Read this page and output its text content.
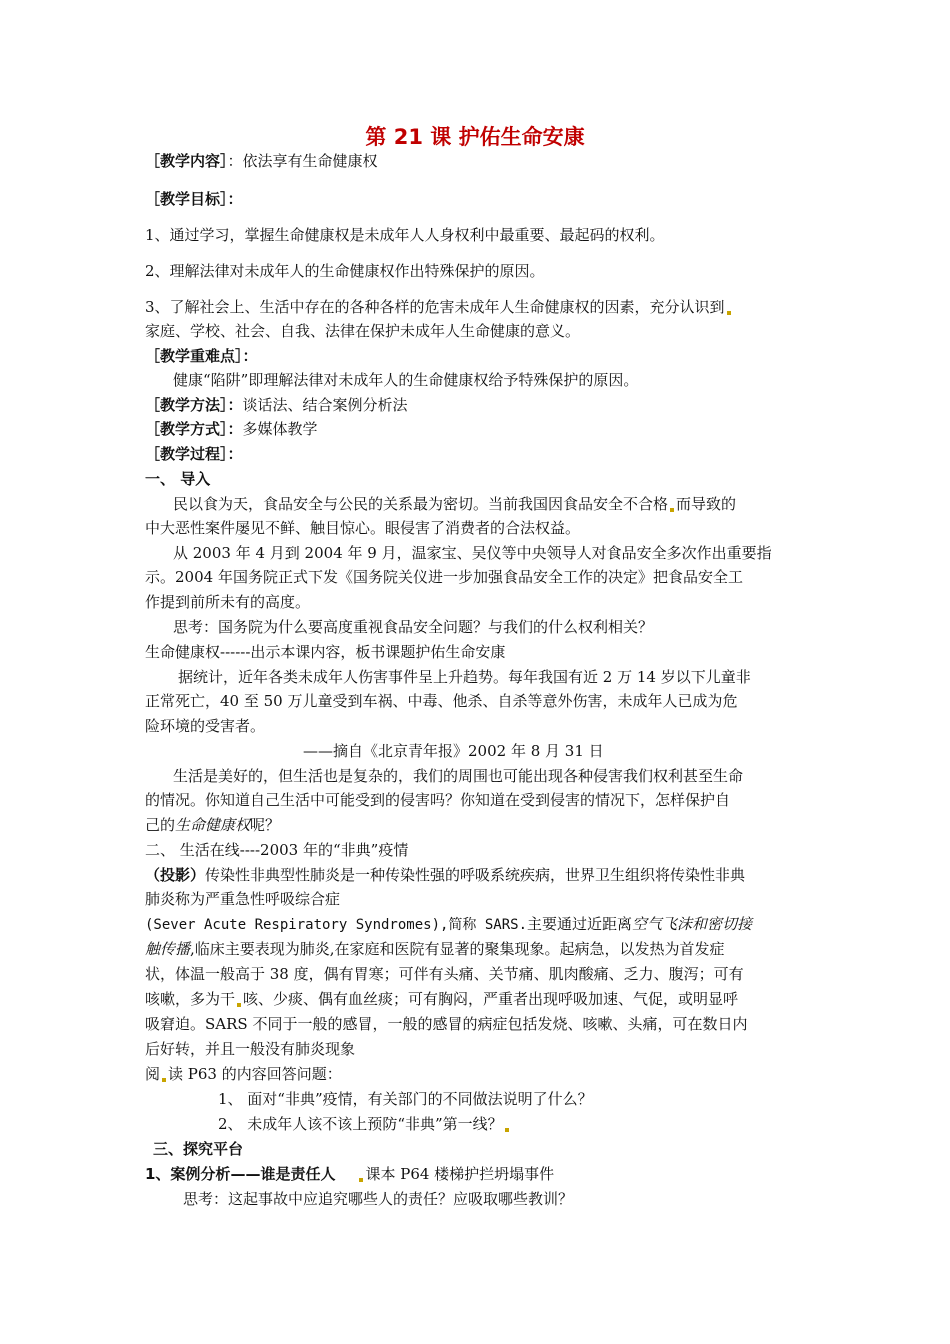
第 21 课 护佑生命安康
［教学内容］：依法享有生命健康权
［教学目标］：
1、通过学习，掌握生命健康权是未成年人人身权利中最重要、最起码的权利。
2、理解法律对未成年人的生命健康权作出特殊保护的原因。
3、了解社会上、生活中存在的各种各样的危害未成年人生命健康权的因素，充分认识到
家庭、学校、社会、自我、法律在保护未成年人生命健康的意义。
［教学重难点］：
健康“陷阱”即理解法律对未成年人的生命健康权给予特殊保护的原因。
［教学方法］：谈话法、结合案例分析法
［教学方式］：多媒体教学
［教学过程］：
一、 导入
民以食为天，食品安全与公民的关系最为密切。当前我国因食品安全不合格 而导致的
中大恶性案件屡见不鲜、触目惊心。眼侵害了消费者的合法权益。
从 2003 年 4 月到 2004 年 9 月，温家宝、吴仪等中央领导人对食品安全多次作出重要指
示。2004 年国务院正式下发《国务院关仪进一步加强食品安全工作的决定》把食品安全工
作提到前所未有的高度。
思考：国务院为什么要高度重视食品安全问题？与我们的什么权利相关？
生命健康权------出示本课内容，板书课题护佑生命安康
据统计，近年各类未成年人伤害事件呈上升趋势。每年我国有近 2 万 14 岁以下儿童非
正常死亡，40 至 50 万儿童受到车祸、中毒、他杀、自杀等意外伤害，未成年人已成为危
险环境的受害者。
——摘自《北京青年报》2002 年 8 月 31 日
生活是美好的，但生活也是复杂的，我们的周围也可能出现各种侵害我们权利甚至生命
的情况。你知道自己生活中可能受到的侵害吗？你知道在受到侵害的情况下，怎样保护自
己的生命健康权呢？
二、 生活在线----2003 年的“非典”疫情
（投影）传染性非典型性肺炎是一种传染性强的呼吸系统疾病，世界卫生组织将传染性非典
肺炎称为严重急性呼吸综合症
(Sever Acute Respiratory Syndromes),简称 SARS.主要通过近距离空气飞沫和密切接
触传播,临床主要表现为肺炎,在家庭和医院有显著的聚集现象。起病急，以发热为首发症
状，体温一般高于 38 度，偶有胃寒；可伴有头痛、关节痛、肌肉酸痛、乏力、腹泻；可有
咳嗽，多为干 咳、少痰、偶有血丝痰；可有胸闷，严重者出现呼吸加速、气促，或明显呼
吸窘迫。SARS 不同于一般的感冒，一般的感冒的病症包括发烧、咳嗽、头痛，可在数日内
后好转，并且一般没有肺炎现象
阅 读 P63 的内容回答问题：
1、 面对“非典”疫情，有关部门的不同做法说明了什么？
2、 未成年人该不该上预防“非典”第一线？
三、探究平台
1、案例分析——谁是责任人 课本 P64 楼梯护拦坍塌事件
思考：这起事故中应追究哪些人的责任？应吸取哪些教训？
